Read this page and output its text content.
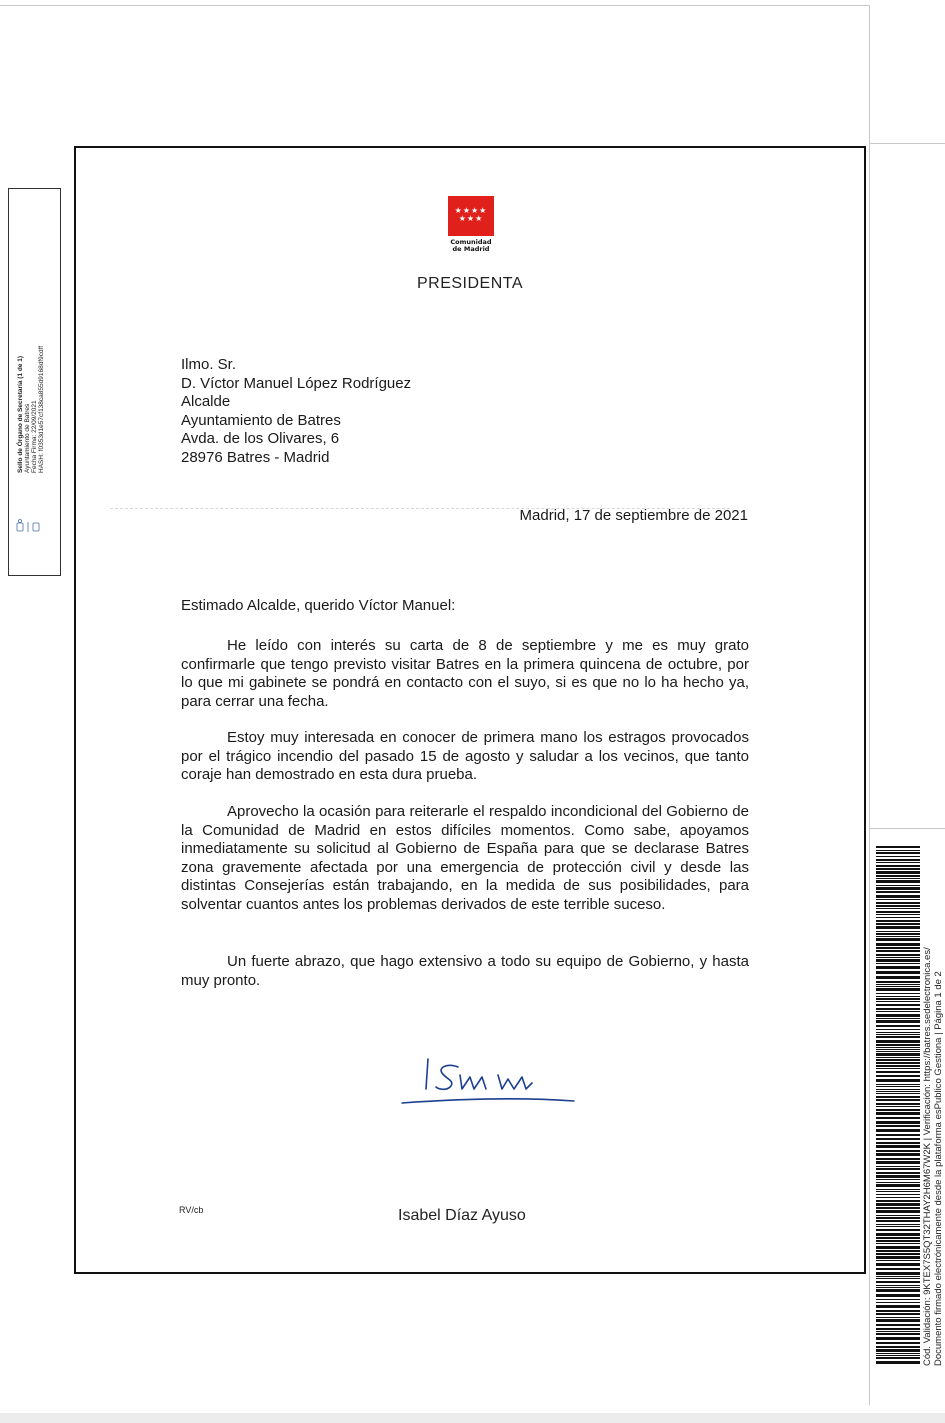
Sello de Órgano de Secretaría (1 de 1) Ayuntamiento de Batres Fecha Firma: 22/09/2021 HASH: f0353d1e57cf138ca855d9168df9cdff
★★★★
★★★
Comunidad
de Madrid
PRESIDENTA
Ilmo. Sr.
D. Víctor Manuel López Rodríguez
Alcalde
Ayuntamiento de Batres
Avda. de los Olivares, 6
28976 Batres - Madrid
Madrid, 17 de septiembre de 2021
Estimado Alcalde, querido Víctor Manuel:

He leído con interés su carta de 8 de septiembre y me es muy grato confirmarle que tengo previsto visitar Batres en la primera quincena de octubre, por lo que mi gabinete se pondrá en contacto con el suyo, si es que no lo ha hecho ya, para cerrar una fecha.

Estoy muy interesada en conocer de primera mano los estragos provocados por el trágico incendio del pasado 15 de agosto y saludar a los vecinos, que tanto coraje han demostrado en esta dura prueba.

Aprovecho la ocasión para reiterarle el respaldo incondicional del Gobierno de la Comunidad de Madrid en estos difíciles momentos. Como sabe, apoyamos inmediatamente su solicitud al Gobierno de España para que se declarase Batres zona gravemente afectada por una emergencia de protección civil y desde las distintas Consejerías están trabajando, en la medida de sus posibilidades, para solventar cuantos antes los problemas derivados de este terrible suceso.

Un fuerte abrazo, que hago extensivo a todo su equipo de Gobierno, y hasta muy pronto.

RV/cb	Isabel Díaz Ayuso	Cód. Validación: 9KTEX7S5QT32THAY2H6M67W2K | Verificación: https://batres.sedelectronica.es/ Documento firmado electrónicamente desde la plataforma esPublico Gestiona | Página 1 de 2
